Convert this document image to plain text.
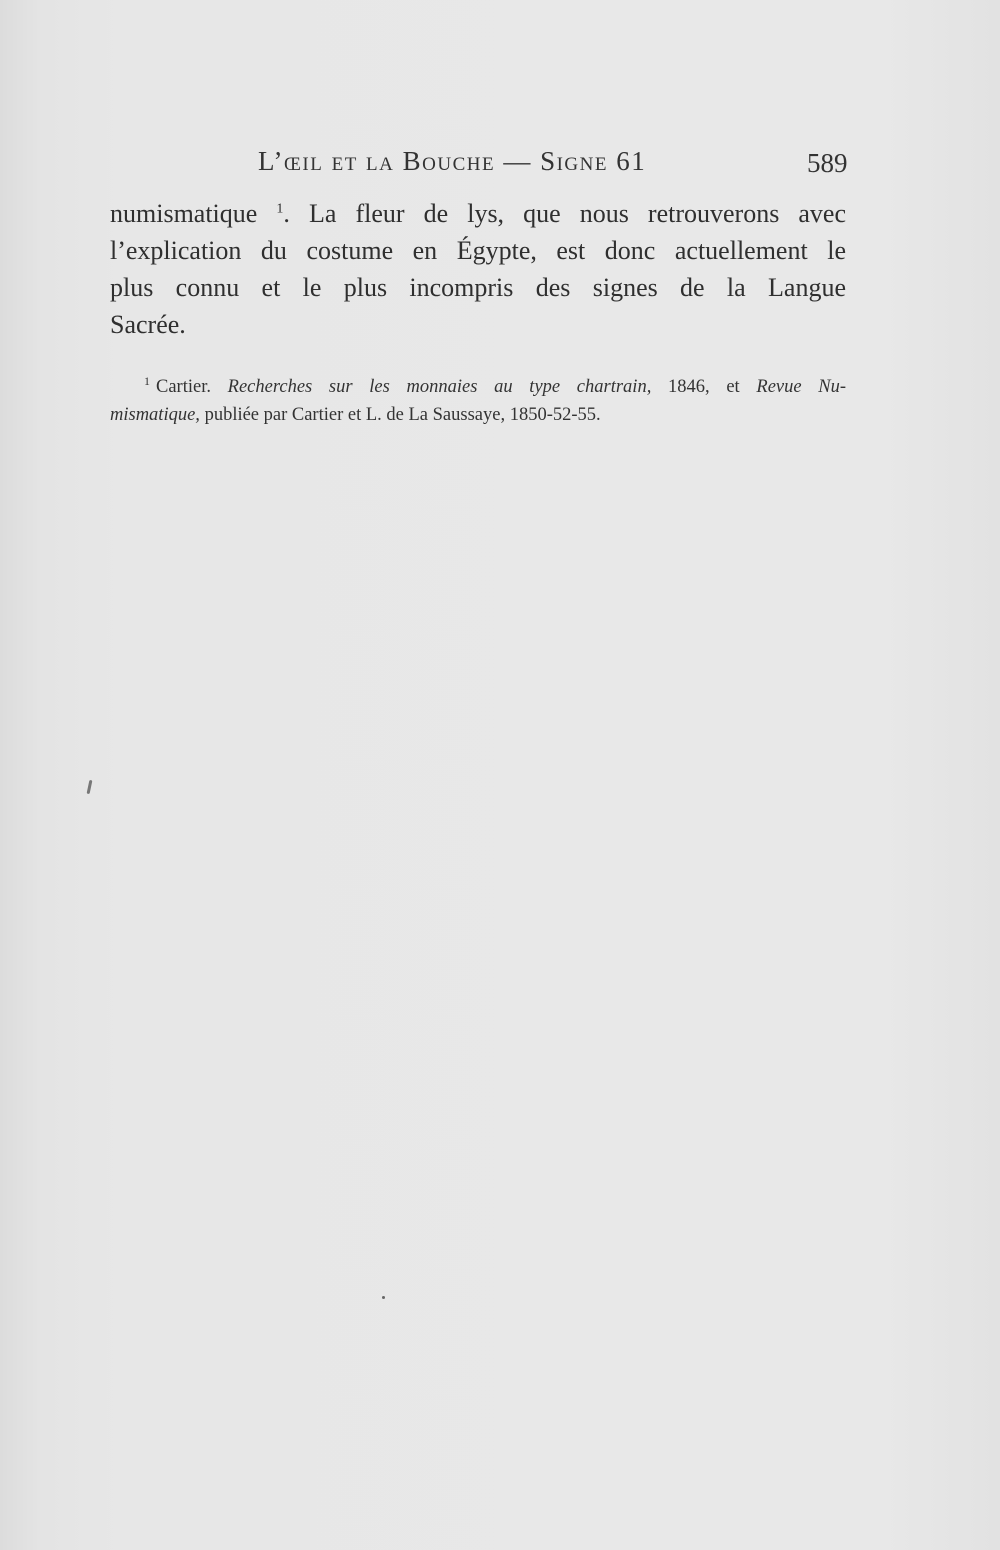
L’œil et la Bouche — Signe 61	589
numismatique $^1$. La fleur de lys, que nous retrouverons avec
l’explication du costume en Égypte, est donc actuellement le
plus connu et le plus incompris des signes de la Langue
Sacrée.
$^1$ Cartier. Recherches sur les monnaies au type chartrain, 1846, et Revue Nu-
mismatique, publiée par Cartier et L. de La Saussaye, 1850-52-55.
